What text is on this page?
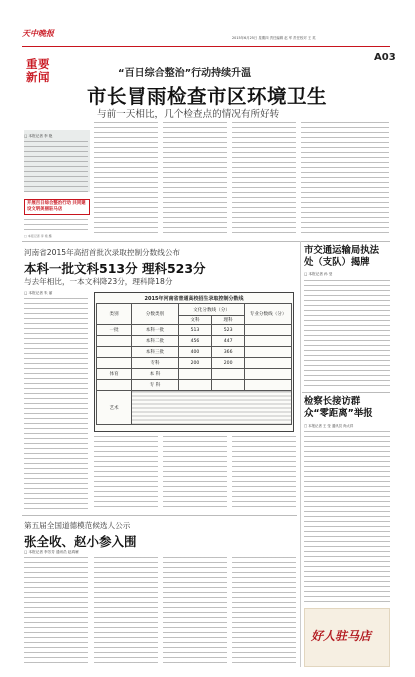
天中晚报	2015年6月25日 星期四 责任编辑 赵 军 责任校对 王 英
A03
重要新闻	“百日综合整治”行动持续升温
市长冒雨检查市区环境卫生
与前一天相比，几个检查点的情况有所好转
□ 本报记者 李 艳
开展百日综合整治行动 共同建设文明美丽驻马店
□ 本报记者 李 艳 摄
河南省2015年高招首批次录取控制分数线公布
本科一批文科513分 理科523分
与去年相比，一本文科降23分，理科降18分
□ 本报记者 朱 丽
2015年河南省普通高校招生录取控制分数线
类别	分数类别	文化分数线（分）		专业分数线（分）
		文科	理科	
一批	本科一批	513	523	
	本科二批	456	447	
	本科三批	400	366	
	专科	200	200	
体育	本 科			
	专 科			
艺术				
第五届全国道德模范候选人公示
张全收、赵小参入围
□ 本报记者 李芳芳 通讯员 赵鸿雁
市交通运输局执法处（支队）揭牌
□ 本报记者 孙 莹
检察长接访群众“零距离”举报
□ 本报记者 王 莹 通讯员 尚太祥
好人驻马店
